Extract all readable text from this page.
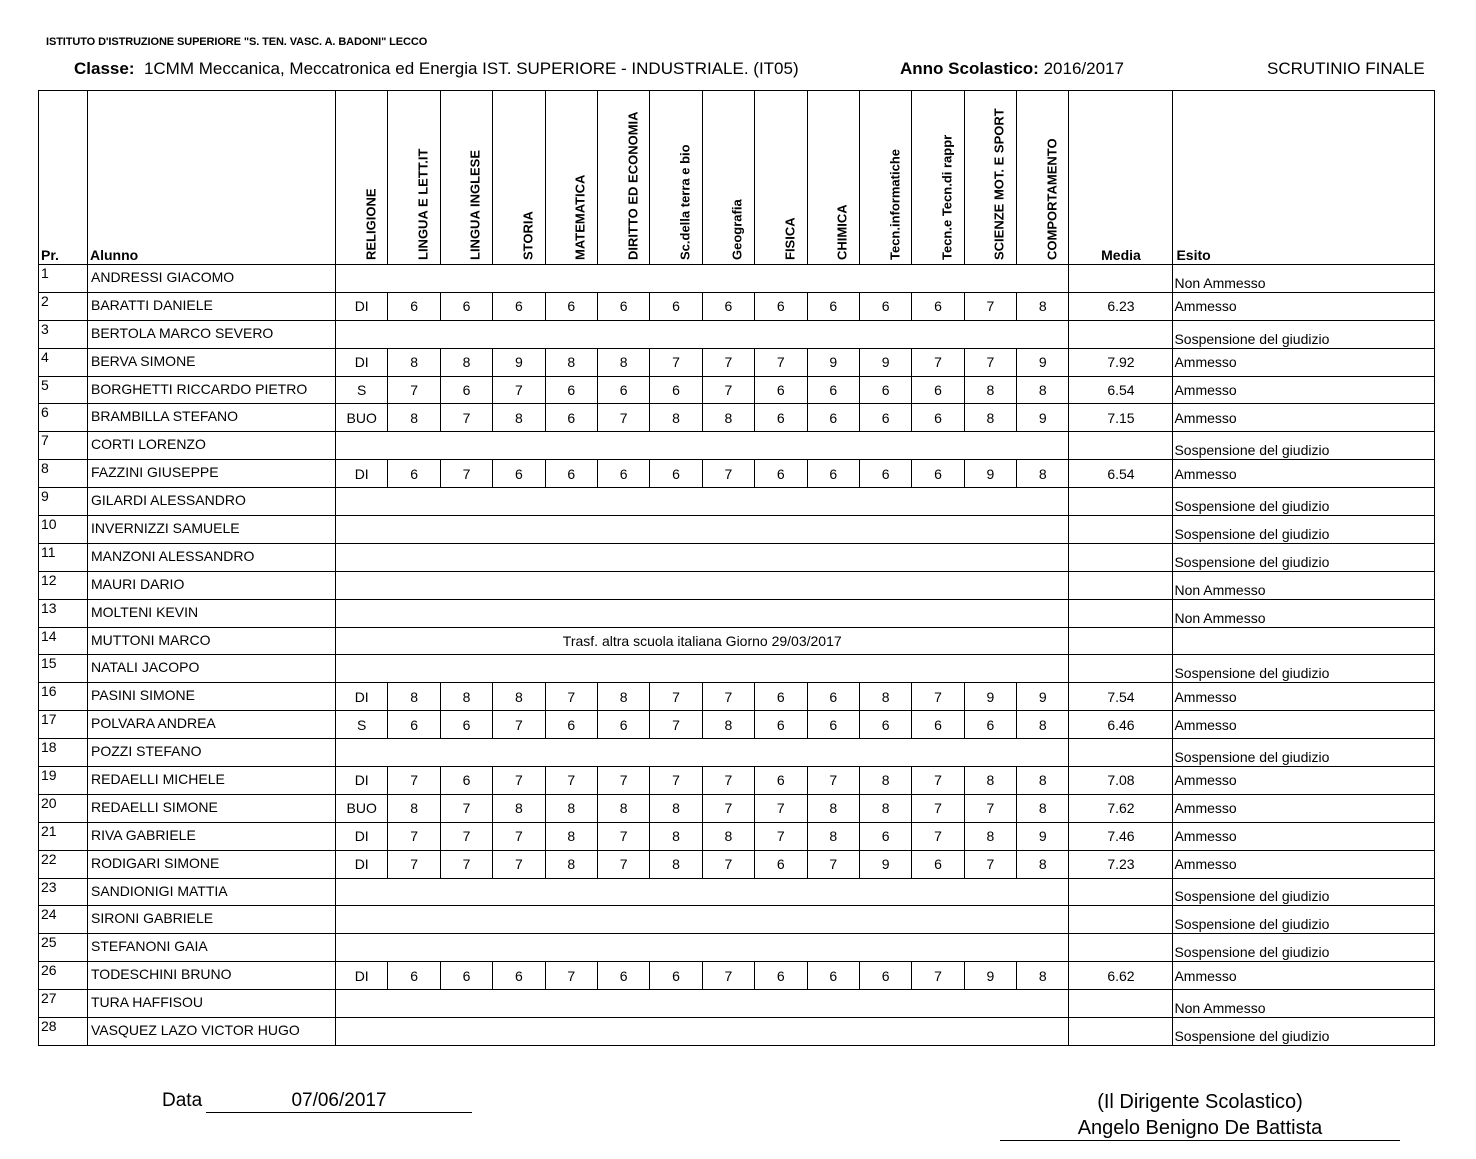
ISTITUTO D'ISTRUZIONE SUPERIORE "S. TEN. VASC. A. BADONI" LECCO
Classe: 1CMM Meccanica, Meccatronica ed Energia IST. SUPERIORE - INDUSTRIALE. (IT05)	Anno Scolastico: 2016/2017	SCRUTINIO FINALE
Pr.	Alunno	RELIGIONE	LINGUA E LETT.IT	LINGUA INGLESE	STORIA	MATEMATICA	DIRITTO ED ECONOMIA	Sc.della terra e bio	Geografia	FISICA	CHIMICA	Tecn.informatiche	Tecn.e Tecn.di rappr	SCIENZE MOT. E SPORT	COMPORTAMENTO	Media	Esito

1	ANDRESSI GIACOMO																Non Ammesso
2	BARATTI DANIELE	DI	6	6	6	6	6	6	6	6	6	6	6	7	8	6.23	Ammesso
3	BERTOLA MARCO SEVERO																Sospensione del giudizio
4	BERVA SIMONE	DI	8	8	9	8	8	7	7	7	9	9	7	7	9	7.92	Ammesso
5	BORGHETTI RICCARDO PIETRO	S	7	6	7	6	6	6	7	6	6	6	6	8	8	6.54	Ammesso
6	BRAMBILLA STEFANO	BUO	8	7	8	6	7	8	8	6	6	6	6	8	9	7.15	Ammesso
7	CORTI LORENZO																Sospensione del giudizio
8	FAZZINI GIUSEPPE	DI	6	7	6	6	6	6	7	6	6	6	6	9	8	6.54	Ammesso
9	GILARDI ALESSANDRO																Sospensione del giudizio
10	INVERNIZZI SAMUELE																Sospensione del giudizio
11	MANZONI ALESSANDRO																Sospensione del giudizio
12	MAURI DARIO																Non Ammesso
13	MOLTENI KEVIN																Non Ammesso
14	MUTTONI MARCO	Trasf. altra scuola italiana Giorno 29/03/2017															
15	NATALI JACOPO																Sospensione del giudizio
16	PASINI SIMONE	DI	8	8	8	7	8	7	7	6	6	8	7	9	9	7.54	Ammesso
17	POLVARA ANDREA	S	6	6	7	6	6	7	8	6	6	6	6	6	8	6.46	Ammesso
18	POZZI STEFANO																Sospensione del giudizio
19	REDAELLI MICHELE	DI	7	6	7	7	7	7	7	6	7	8	7	8	8	7.08	Ammesso
20	REDAELLI SIMONE	BUO	8	7	8	8	8	8	7	7	8	8	7	7	8	7.62	Ammesso
21	RIVA GABRIELE	DI	7	7	7	8	7	8	8	7	8	6	7	8	9	7.46	Ammesso
22	RODIGARI SIMONE	DI	7	7	7	8	7	8	7	6	7	9	6	7	8	7.23	Ammesso
23	SANDIONIGI MATTIA																Sospensione del giudizio
24	SIRONI GABRIELE																Sospensione del giudizio
25	STEFANONI GAIA																Sospensione del giudizio
26	TODESCHINI BRUNO	DI	6	6	6	7	6	6	7	6	6	6	7	9	8	6.62	Ammesso
27	TURA HAFFISOU																Non Ammesso
28	VASQUEZ LAZO VICTOR HUGO																Sospensione del giudizio
Data	07/06/2017	(Il Dirigente Scolastico)
Angelo Benigno De Battista
